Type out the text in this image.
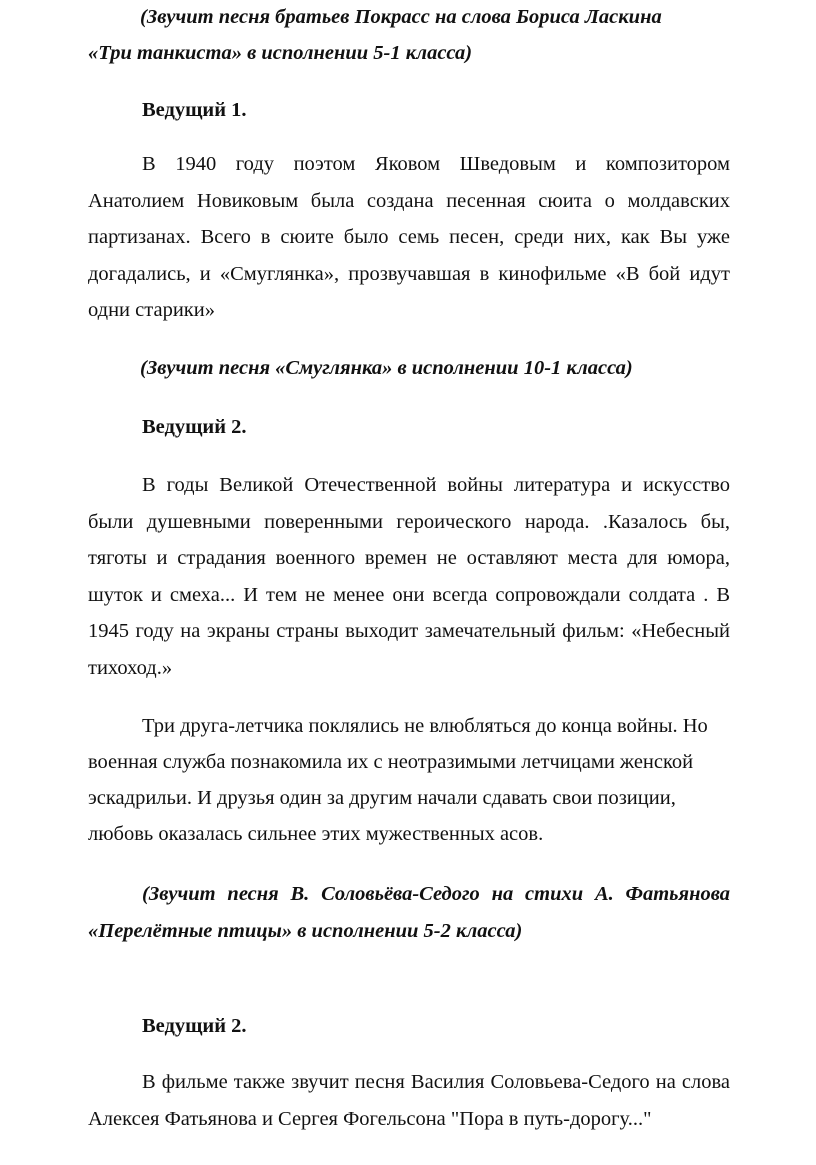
(Звучит песня братьев Покрасс на слова Бориса Ласкина
«Три танкиста» в исполнении 5-1 класса)
Ведущий 1.
В 1940 году поэтом Яковом Шведовым и композитором Анатолием Новиковым была создана песенная сюита о молдавских партизанах. Всего в сюите было семь песен, среди них, как Вы уже догадались, и «Смуглянка», прозвучавшая в кинофильме «В бой идут одни старики»
(Звучит песня «Смуглянка» в исполнении 10-1 класса)
Ведущий 2.
В годы Великой Отечественной войны литература и искусство были душевными поверенными героического народа. .Казалось бы, тяготы и страдания военного времен не оставляют места для юмора, шуток и смеха... И тем не менее они всегда сопровождали солдата . В 1945 году на экраны страны выходит замечательный фильм: «Небесный тихоход.»
Три друга-летчика поклялись не влюбляться до конца войны. Но
военная служба познакомила их с неотразимыми летчицами женской
эскадрильи. И друзья один за другим начали сдавать свои позиции,
любовь оказалась сильнее этих мужественных асов.
(Звучит песня В. Соловьёва-Седого на стихи А. Фатьянова «Перелётные птицы» в исполнении 5-2 класса)
Ведущий 2.
В фильме также звучит песня Василия Соловьева-Седого на слова Алексея Фатьянова и Сергея Фогельсона "Пора в путь-дорогу..."
